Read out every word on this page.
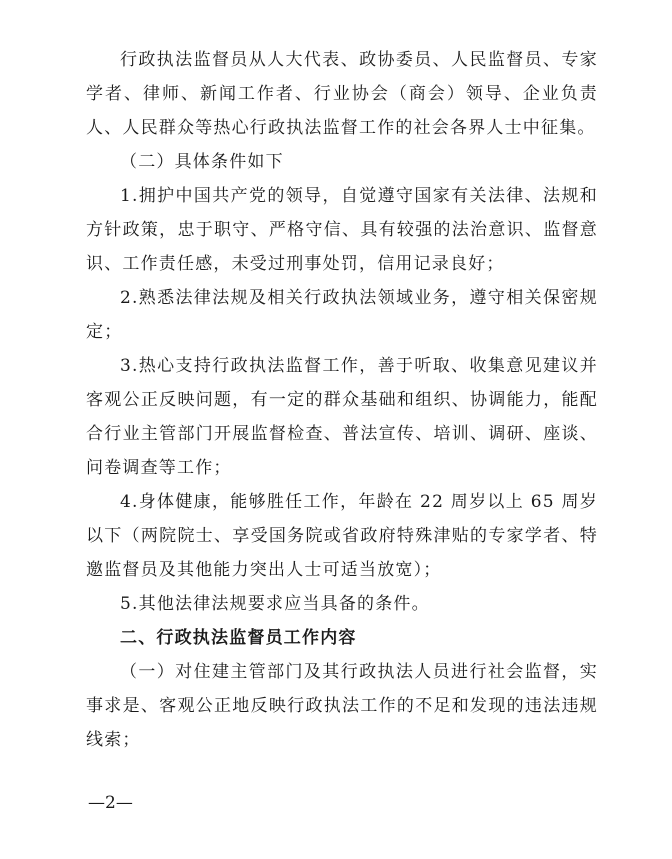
行政执法监督员从人大代表、政协委员、人民监督员、专家学者、律师、新闻工作者、行业协会（商会）领导、企业负责人、人民群众等热心行政执法监督工作的社会各界人士中征集。

（二）具体条件如下

1.拥护中国共产党的领导，自觉遵守国家有关法律、法规和方针政策，忠于职守、严格守信、具有较强的法治意识、监督意识、工作责任感，未受过刑事处罚，信用记录良好；

2.熟悉法律法规及相关行政执法领域业务，遵守相关保密规定；

3.热心支持行政执法监督工作，善于听取、收集意见建议并客观公正反映问题，有一定的群众基础和组织、协调能力，能配合行业主管部门开展监督检查、普法宣传、培训、调研、座谈、问卷调查等工作；

4.身体健康，能够胜任工作，年龄在 22 周岁以上 65 周岁以下（两院院士、享受国务院或省政府特殊津贴的专家学者、特邀监督员及其他能力突出人士可适当放宽）；

5.其他法律法规要求应当具备的条件。

二、行政执法监督员工作内容

（一）对住建主管部门及其行政执法人员进行社会监督，实事求是、客观公正地反映行政执法工作的不足和发现的违法违规线索；

—2—
